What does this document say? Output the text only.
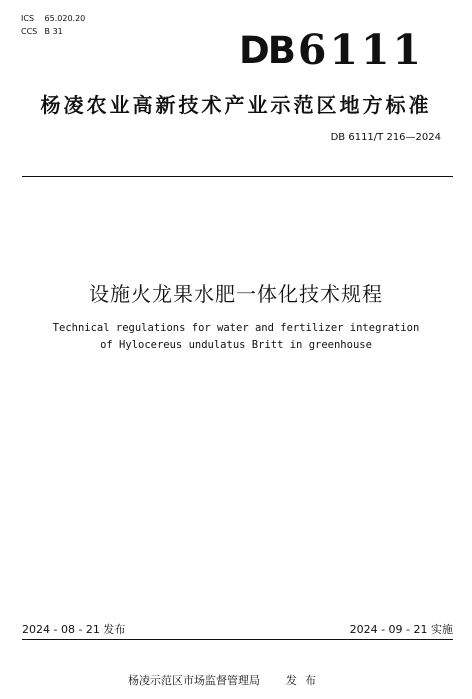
ICS 65.020.20
CCS B 31	DB 6111
杨凌农业高新技术产业示范区地方标准
DB 6111/T 216—2024
设施火龙果水肥一体化技术规程
Technical regulations for water and fertilizer integration
of Hylocereus undulatus Britt in greenhouse
2024 - 08 - 21 发布	2024 - 09 - 21 实施
杨凌示范区市场监督管理局 发布
